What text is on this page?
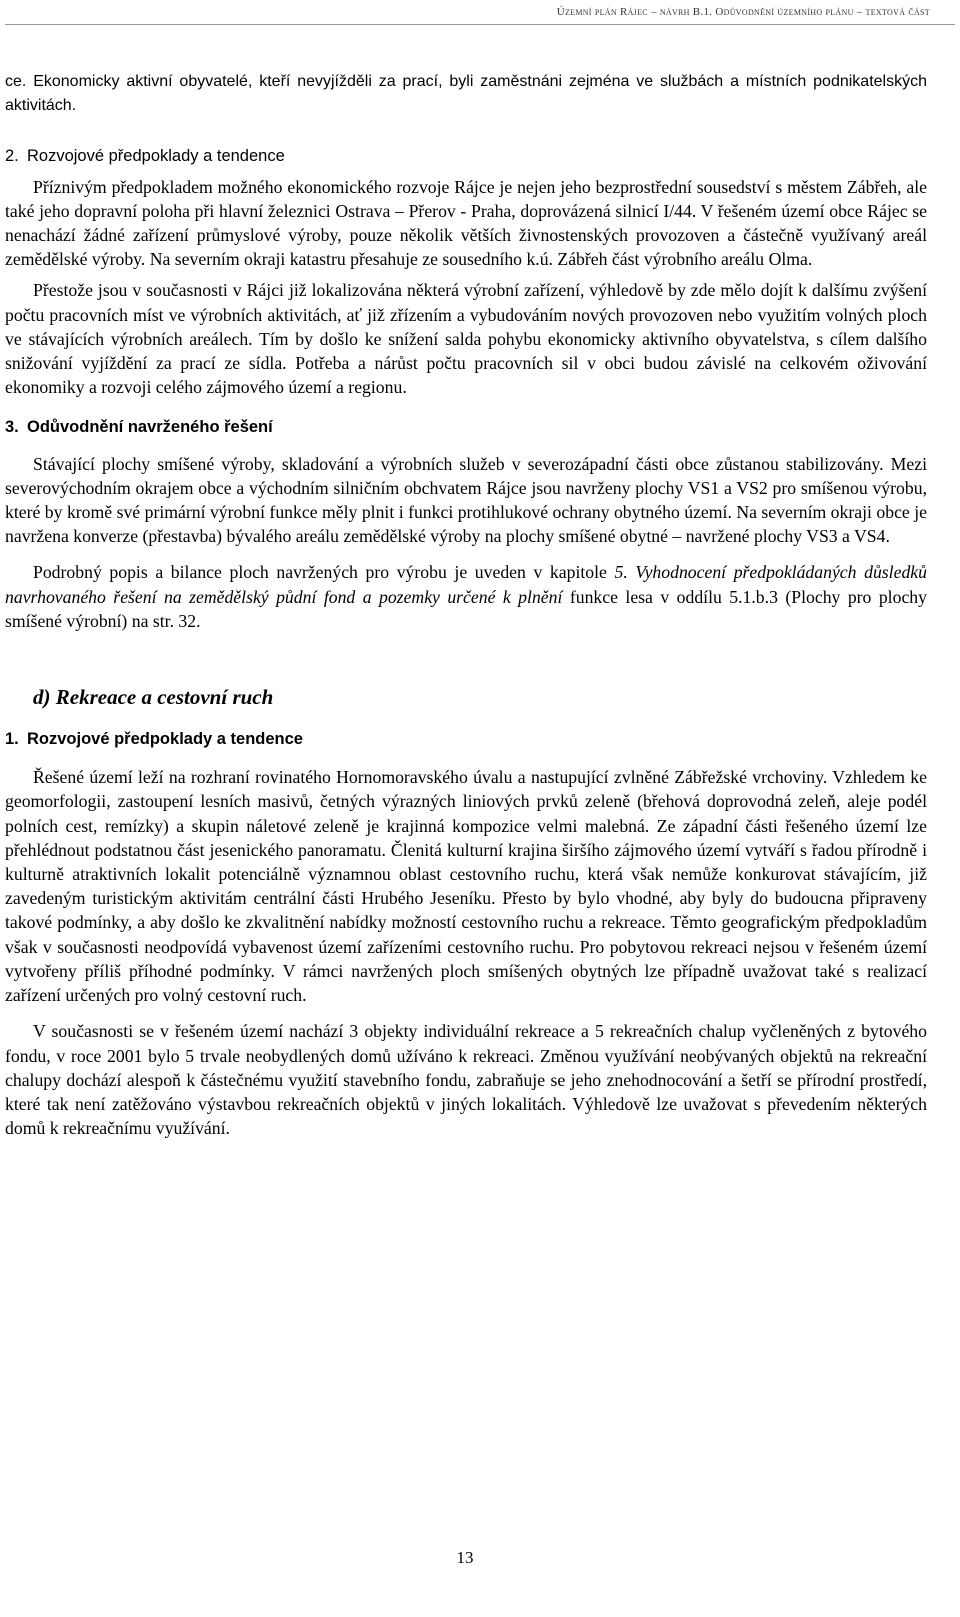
Územní plán Rájec – návrh B.1. Odůvodnění územního plánu – textová část

ce. Ekonomicky aktivní obyvatelé, kteří nevyjížděli za prací, byli zaměstnáni zejména ve službách a místních podnikatelských aktivitách.

2. Rozvojové předpoklady a tendence

Příznivým předpokladem možného ekonomického rozvoje Rájce je nejen jeho bezprostřední sousedství s městem Zábřeh, ale také jeho dopravní poloha při hlavní železnici Ostrava – Přerov - Praha, doprovázená silnicí I/44. V řešeném území obce Rájec se nenachází žádné zařízení průmyslové výroby, pouze několik větších živnostenských provozoven a částečně využívaný areál zemědělské výroby. Na severním okraji katastru přesahuje ze sousedního k.ú. Zábřeh část výrobního areálu Olma.

Přestože jsou v současnosti v Rájci již lokalizována některá výrobní zařízení, výhledově by zde mělo dojít k dalšímu zvýšení počtu pracovních míst ve výrobních aktivitách, ať již zřízením a vybudováním nových provozoven nebo využitím volných ploch ve stávajících výrobních areálech. Tím by došlo ke snížení salda pohybu ekonomicky aktivního obyvatelstva, s cílem dalšího snižování vyjíždění za prací ze sídla. Potřeba a nárůst počtu pracovních sil v obci budou závislé na celkovém oživování ekonomiky a rozvoji celého zájmového území a regionu.

3. Odůvodnění navrženého řešení

Stávající plochy smíšené výroby, skladování a výrobních služeb v severozápadní části obce zůstanou stabilizovány. Mezi severovýchodním okrajem obce a východním silničním obchvatem Rájce jsou navrženy plochy VS1 a VS2 pro smíšenou výrobu, které by kromě své primární výrobní funkce měly plnit i funkci protihlukové ochrany obytného území. Na severním okraji obce je navržena konverze (přestavba) bývalého areálu zemědělské výroby na plochy smíšené obytné – navržené plochy VS3 a VS4.

Podrobný popis a bilance ploch navržených pro výrobu je uveden v kapitole 5. Vyhodnocení předpokládaných důsledků navrhovaného řešení na zemědělský půdní fond a pozemky určené k plnění funkce lesa v oddílu 5.1.b.3 (Plochy pro plochy smíšené výrobní) na str. 32.

d) Rekreace a cestovní ruch
1. Rozvojové předpoklady a tendence

Řešené území leží na rozhraní rovinatého Hornomoravského úvalu a nastupující zvlněné Zábřežské vrchoviny. Vzhledem ke geomorfologii, zastoupení lesních masivů, četných výrazných liniových prvků zeleně (břehová doprovodná zeleň, aleje podél polních cest, remízky) a skupin náletové zeleně je krajinná kompozice velmi malebná. Ze západní části řešeného území lze přehlédnout podstatnou část jesenického panoramatu. Členitá kulturní krajina širšího zájmového území vytváří s řadou přírodně i kulturně atraktivních lokalit potenciálně významnou oblast cestovního ruchu, která však nemůže konkurovat stávajícím, již zavedeným turistickým aktivitám centrální části Hrubého Jeseníku. Přesto by bylo vhodné, aby byly do budoucna připraveny takové podmínky, a aby došlo ke zkvalitnění nabídky možností cestovního ruchu a rekreace. Těmto geografickým předpokladům však v současnosti neodpovídá vybavenost území zařízeními cestovního ruchu. Pro pobytovou rekreaci nejsou v řešeném území vytvořeny příliš příhodné podmínky. V rámci navržených ploch smíšených obytných lze případně uvažovat také s realizací zařízení určených pro volný cestovní ruch.

V současnosti se v řešeném území nachází 3 objekty individuální rekreace a 5 rekreačních chalup vyčleněných z bytového fondu, v roce 2001 bylo 5 trvale neobydlených domů užíváno k rekreaci. Změnou využívání neobývaných objektů na rekreační chalupy dochází alespoň k částečnému využití stavebního fondu, zabraňuje se jeho znehodnocování a šetří se přírodní prostředí, které tak není zatěžováno výstavbou rekreačních objektů v jiných lokalitách. Výhledově lze uvažovat s převedením některých domů k rekreačnímu využívání.

13
